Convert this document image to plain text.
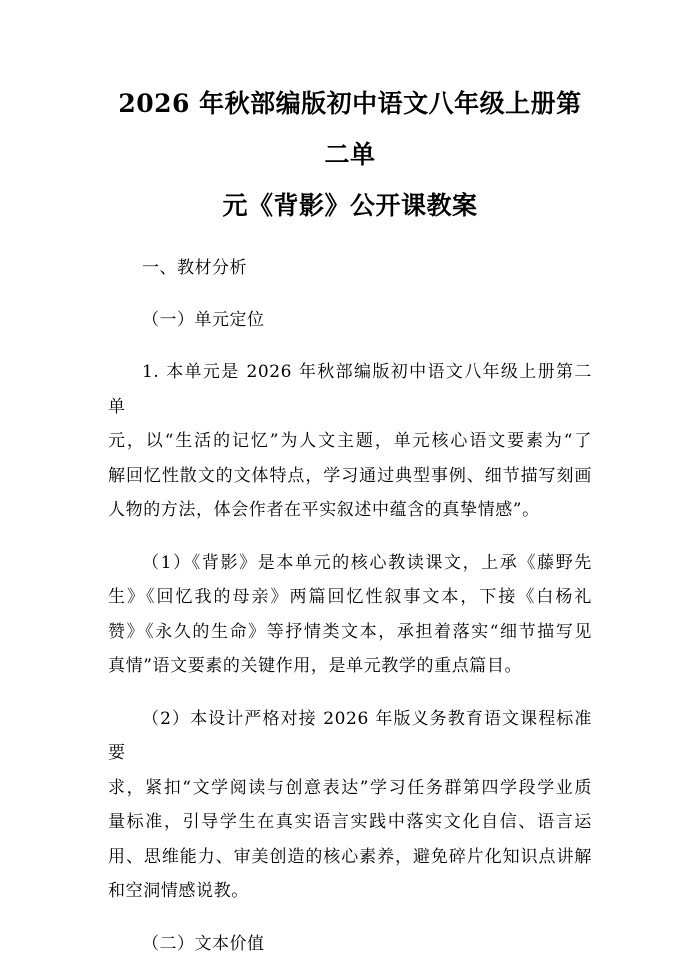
2026 年秋部编版初中语文八年级上册第二单
元《背影》公开课教案
一、教材分析
（一）单元定位
1. 本单元是 2026 年秋部编版初中语文八年级上册第二单
元，以“生活的记忆”为人文主题，单元核心语文要素为“了
解回忆性散文的文体特点，学习通过典型事例、细节描写刻画
人物的方法，体会作者在平实叙述中蕴含的真挚情感”。
（1）《背影》是本单元的核心教读课文，上承《藤野先
生》《回忆我的母亲》两篇回忆性叙事文本，下接《白杨礼
赞》《永久的生命》等抒情类文本，承担着落实“细节描写见
真情”语文要素的关键作用，是单元教学的重点篇目。
（2）本设计严格对接 2026 年版义务教育语文课程标准要
求，紧扣“文学阅读与创意表达”学习任务群第四学段学业质
量标准，引导学生在真实语言实践中落实文化自信、语言运
用、思维能力、审美创造的核心素养，避免碎片化知识点讲解
和空洞情感说教。
（二）文本价值
